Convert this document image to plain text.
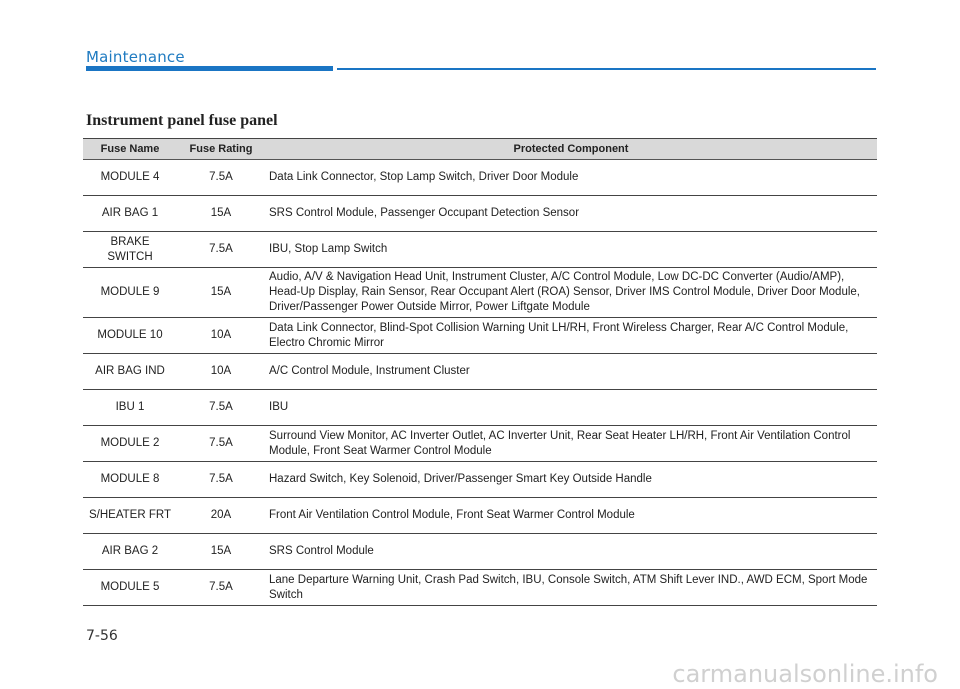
Maintenance
Instrument panel fuse panel
Fuse Name	Fuse Rating	Protected Component
MODULE 4	7.5A	Data Link Connector, Stop Lamp Switch, Driver Door Module
AIR BAG 1	15A	SRS Control Module, Passenger Occupant Detection Sensor
BRAKE SWITCH	7.5A	IBU, Stop Lamp Switch
MODULE 9	15A	Audio, A/V & Navigation Head Unit, Instrument Cluster, A/C Control Module, Low DC-DC Converter (Audio/AMP), Head-Up Display, Rain Sensor, Rear Occupant Alert (ROA) Sensor, Driver IMS Control Module, Driver Door Module, Driver/Passenger Power Outside Mirror, Power Liftgate Module
MODULE 10	10A	Data Link Connector, Blind-Spot Collision Warning Unit LH/RH, Front Wireless Charger, Rear A/C Control Module, Electro Chromic Mirror
AIR BAG IND	10A	A/C Control Module, Instrument Cluster
IBU 1	7.5A	IBU
MODULE 2	7.5A	Surround View Monitor, AC Inverter Outlet, AC Inverter Unit, Rear Seat Heater LH/RH, Front Air Ventilation Control Module, Front Seat Warmer Control Module
MODULE 8	7.5A	Hazard Switch, Key Solenoid, Driver/Passenger Smart Key Outside Handle
S/HEATER FRT	20A	Front Air Ventilation Control Module, Front Seat Warmer Control Module
AIR BAG 2	15A	SRS Control Module
MODULE 5	7.5A	Lane Departure Warning Unit, Crash Pad Switch, IBU, Console Switch, ATM Shift Lever IND., AWD ECM, Sport Mode Switch
7-56
carmanualsonline.info
